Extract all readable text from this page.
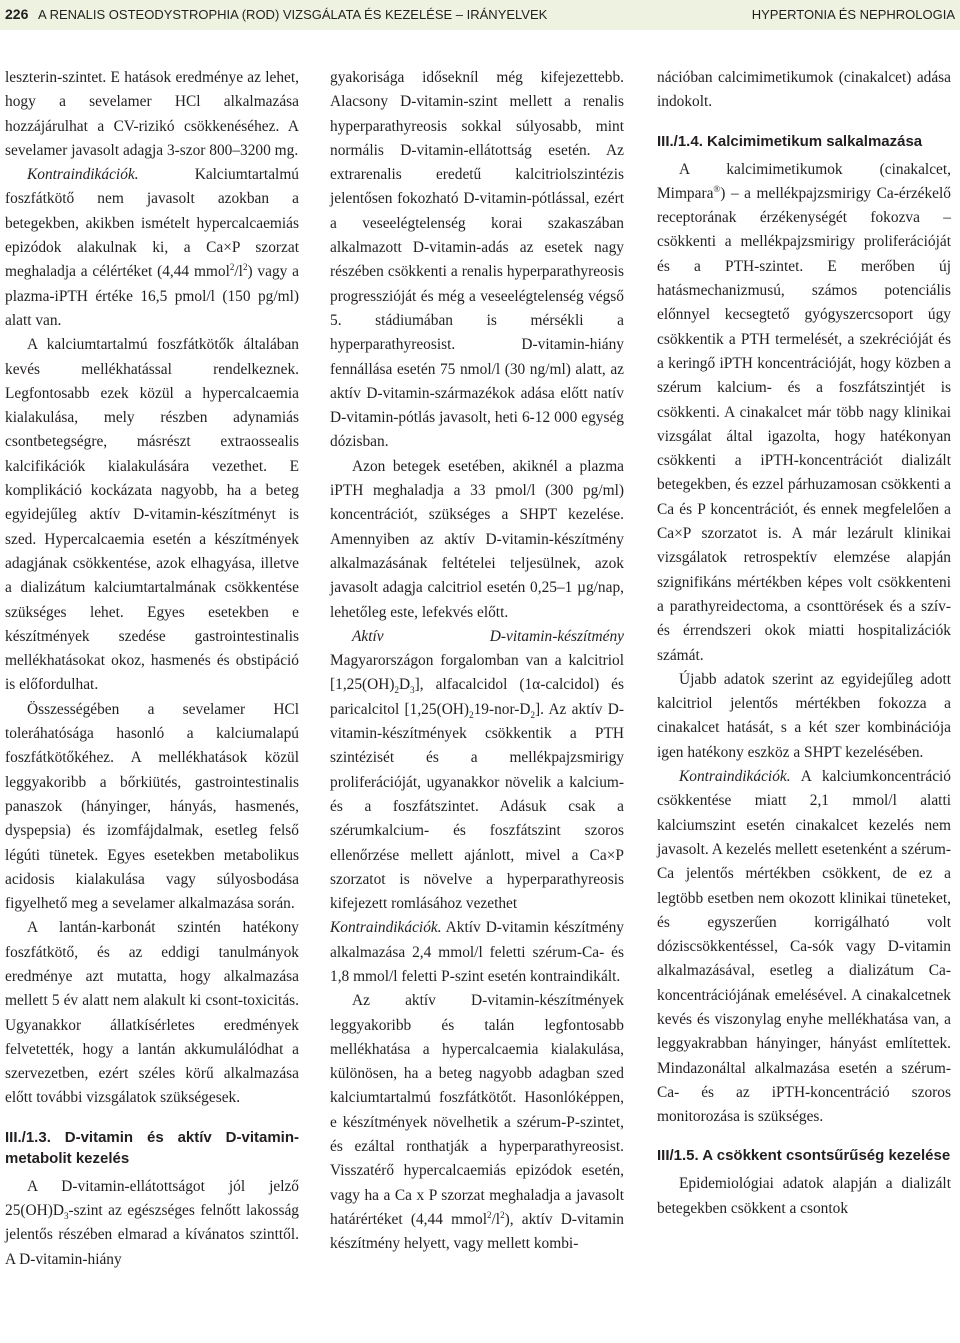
226 A RENALIS OSTEODYSTROPHIA (ROD) VIZSGÁLATA ÉS KEZELÉSE – IRÁNYELVEK	HYPERTONIA ÉS NEPHROLOGIA

leszterin-szintet. E hatások eredménye az lehet, hogy a sevelamer HCl alkalmazása hozzájárulhat a CV-rizikó csökkenéséhez. A sevelamer javasolt adagja 3-szor 800–3200 mg.

Kontraindikációk. Kalciumtartalmú foszfátkötő nem javasolt azokban a betegekben, akikben ismételt hypercalcaemiás epizódok alakulnak ki, a Ca×P szorzat meghaladja a célértéket (4,44 $mmol^2/l^2$) vagy a plazma-iPTH értéke 16,5 pmol/l (150 pg/ml) alatt van.

A kalciumtartalmú foszfátkötők általában kevés mellékhatással rendelkeznek. Legfontosabb ezek közül a hypercalcaemia kialakulása, mely részben adynamiás csontbetegségre, másrészt extraossealis kalcifikációk kialakulására vezethet. E komplikáció kockázata nagyobb, ha a beteg egyidejűleg aktív D-vitamin-készítményt is szed. Hypercalcaemia esetén a készítmények adagjának csökkentése, azok elhagyása, illetve a dializátum kalciumtartalmának csökkentése szükséges lehet. Egyes esetekben e készítmények szedése gastrointestinalis mellékhatásokat okoz, hasmenés és obstipáció is előfordulhat.

Összességében a sevelamer HCl toleráhatósága hasonló a kalciumalapú foszfátkötőkéhez. A mellékhatások közül leggyakoribb a bőrkiütés, gastrointestinalis panaszok (hányinger, hányás, hasmenés, dyspepsia) és izomfájdalmak, esetleg felső légúti tünetek. Egyes esetekben metabolikus acidosis kialakulása vagy súlyosbodása figyelhető meg a sevelamer alkalmazása során.

A lantán-karbonát szintén hatékony foszfátkötő, és az eddigi tanulmányok eredménye azt mutatta, hogy alkalmazása mellett 5 év alatt nem alakult ki csont-toxicitás. Ugyanakkor állatkísérletes eredmények felvetették, hogy a lantán akkumulálódhat a szervezetben, ezért széles körű alkalmazása előtt további vizsgálatok szükségesek.

III./1.3. D-vitamin és aktív D-vitamin-metabolit kezelés

A D-vitamin-ellátottságot jól jelző $25(OH)D_3$-szint az egészséges felnőtt lakosság jelentős részében elmarad a kívánatos szinttől. A D-vitamin-hiány

gyakorisága idősekníl még kifejezettebb. Alacsony D-vitamin-szint mellett a renalis hyperparathyreosis sokkal súlyosabb, mint normális D-vitamin-ellátottság esetén. Az extrarenalis eredetű kalcitriolszintézis jelentősen fokozható D-vitamin-pótlással, ezért a veseelégtelenség korai szakaszában alkalmazott D-vitamin-adás az esetek nagy részében csökkenti a renalis hyperparathyreosis progresszióját és még a veseelégtelenség végső 5. stádiumában is mérsékli a hyperparathyreosist. D-vitamin-hiány fennállása esetén 75 nmol/l (30 ng/ml) alatt, az aktív D-vitamin-származékok adása előtt natív D-vitamin-pótlás javasolt, heti 6-12 000 egység dózisban.

Azon betegek esetében, akiknél a plazma iPTH meghaladja a 33 pmol/l (300 pg/ml) koncentrációt, szükséges a SHPT kezelése. Amennyiben az aktív D-vitamin-készítmény alkalmazásának feltételei teljesülnek, azok javasolt adagja calcitriol esetén 0,25–1 µg/nap, lehetőleg este, lefekvés előtt.

Aktív D-vitamin-készítmény Magyarországon forgalomban van a kalcitriol $[1,25(OH)_2D_3]$, alfacalcidol (1α-calcidol) és paricalcitol $[1,25(OH)_219-nor-D_2]$. Az aktív D-vitamin-készítmények csökkentik a PTH szintézisét és a mellékpajzsmirigy proliferációját, ugyanakkor növelik a kalcium- és a foszfátszintet. Adásuk csak a szérumkalcium- és foszfátszint szoros ellenőrzése mellett ajánlott, mivel a Ca×P szorzatot is növelve a hyperparathyreosis kifejezett romlásához vezethet

Kontraindikációk. Aktív D-vitamin készítmény alkalmazása 2,4 mmol/l feletti szérum-Ca- és 1,8 mmol/l feletti P-szint esetén kontraindikált.

Az aktív D-vitamin-készítmények leggyakoribb és talán legfontosabb mellékhatása a hypercalcaemia kialakulása, különösen, ha a beteg nagyobb adagban szed kalciumtartalmú foszfátkötőt. Hasonlóképpen, e készítmények növelhetik a szérum-P-szintet, és ezáltal ronthatják a hyperparathyreosist. Visszatérő hypercalcaemiás epizódok esetén, vagy ha a Ca x P szorzat meghaladja a javasolt határértéket (4,44 $mmol^2/l^2$), aktív D-vitamin készítmény helyett, vagy mellett kombi-

nációban calcimimetikumok (cinakalcet) adása indokolt.

III./1.4. Kalcimimetikum salkalmazása

A kalcimimetikumok (cinakalcet, Mimpara®) – a mellékpajzsmirigy Ca-érzékelő receptorának érzékenységét fokozva – csökkenti a mellékpajzsmirigy proliferációját és a PTH-szintet. E merőben új hatásmechanizmusú, számos potenciális előnnyel kecsegtető gyógyszercsoport úgy csökkentik a PTH termelését, a szekrécióját és a keringő iPTH koncentrációját, hogy közben a szérum kalcium- és a foszfátszintjét is csökkenti. A cinakalcet már több nagy klinikai vizsgálat által igazolta, hogy hatékonyan csökkenti a iPTH-koncentrációt dializált betegekben, és ezzel párhuzamosan csökkenti a Ca és P koncentrációt, és ennek megfelelően a Ca×P szorzatot is. A már lezárult klinikai vizsgálatok retrospektív elemzése alapján szignifikáns mértékben képes volt csökkenteni a parathyreidectoma, a csonttörések és a szív- és érrendszeri okok miatti hospitalizációk számát.

Újabb adatok szerint az egyidejűleg adott kalcitriol jelentős mértékben fokozza a cinakalcet hatását, s a két szer kombinációja igen hatékony eszköz a SHPT kezelésében.

Kontraindikációk. A kalciumkoncentráció csökkentése miatt 2,1 mmol/l alatti kalciumszint esetén cinakalcet kezelés nem javasolt. A kezelés mellett esetenként a szérum-Ca jelentős mértékben csökkent, de ez a legtöbb esetben nem okozott klinikai tüneteket, és egyszerűen korrigálható volt dóziscsökkentéssel, Ca-sók vagy D-vitamin alkalmazásával, esetleg a dializátum Ca-koncentrációjának emelésével. A cinakalcetnek kevés és viszonylag enyhe mellékhatása van, a leggyakrabban hányinger, hányást említettek. Mindazonáltal alkalmazása esetén a szérum-Ca- és az iPTH-koncentráció szoros monitorozása is szükséges.

III/1.5. A csökkent csontsűrűség kezelése

Epidemiológiai adatok alapján a dializált betegekben csökkent a csontok
